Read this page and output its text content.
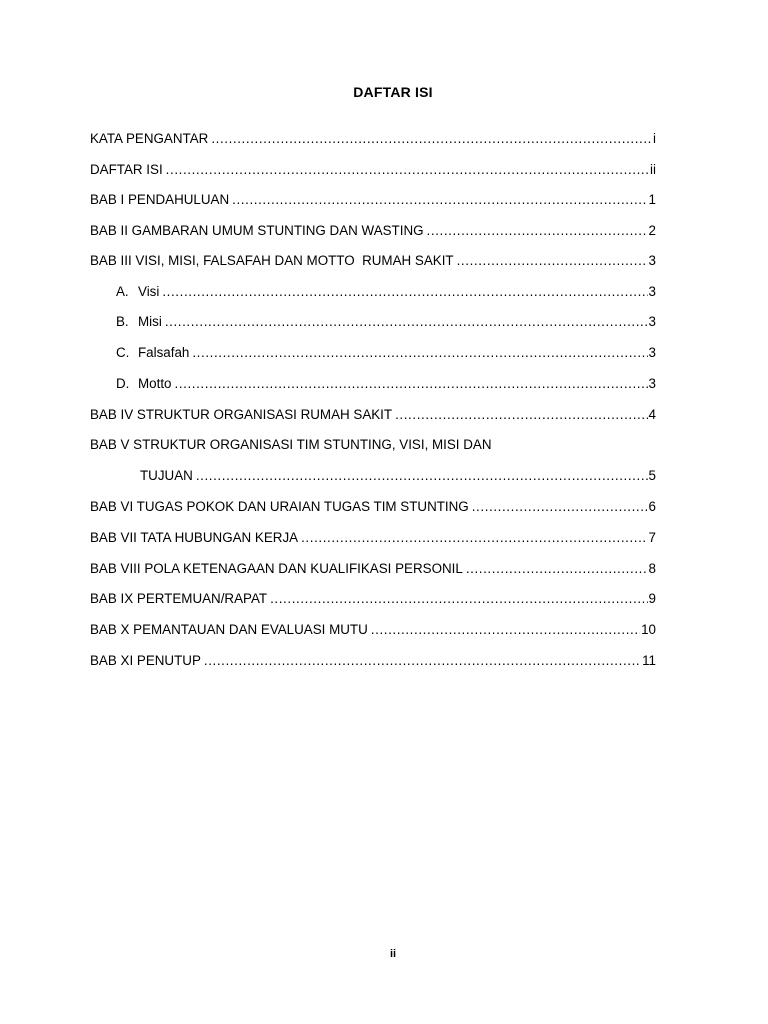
DAFTAR ISI
KATA PENGANTAR .....	i
DAFTAR ISI .....	ii
BAB I PENDAHULUAN .....	1
BAB II GAMBARAN UMUM STUNTING DAN WASTING .....	2
BAB III VISI, MISI, FALSAFAH DAN MOTTO  RUMAH SAKIT .....	3
A. Visi .....	3
B. Misi .....	3
C. Falsafah .....	3
D. Motto .....	3
BAB IV STRUKTUR ORGANISASI RUMAH SAKIT .....	4
BAB V STRUKTUR ORGANISASI TIM STUNTING, VISI, MISI DAN
TUJUAN .....	5
BAB VI TUGAS POKOK DAN URAIAN TUGAS TIM STUNTING .....	6
BAB VII TATA HUBUNGAN KERJA .....	7
BAB VIII POLA KETENAGAAN DAN KUALIFIKASI PERSONIL .....	8
BAB IX PERTEMUAN/RAPAT .....	9
BAB X PEMANTAUAN DAN EVALUASI MUTU .....	10
BAB XI PENUTUP .....	11
ii
